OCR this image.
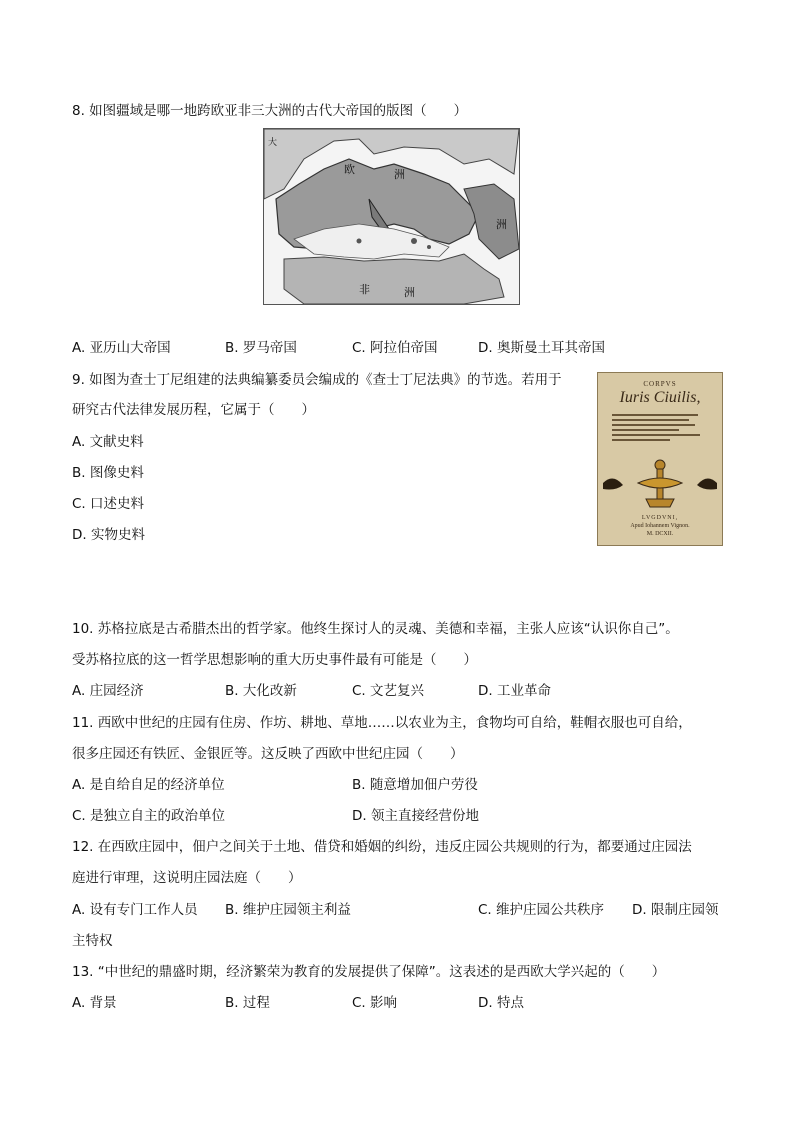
8. 如图疆域是哪一地跨欧亚非三大洲的古代大帝国的版图（　　）
大
欧	洲
洲
非	洲
A. 亚历山大帝国	B. 罗马帝国	C. 阿拉伯帝国	D. 奥斯曼土耳其帝国
9. 如图为查士丁尼组建的法典编纂委员会编成的《查士丁尼法典》的节选。若用于
研究古代法律发展历程，它属于（　　）
CORPVS
Iuris Ciuilis,
LVGDVNI,
Apud Iohannem Vignon.
M. DCXII.
A. 文献史料
B. 图像史料
C. 口述史料
D. 实物史料
10. 苏格拉底是古希腊杰出的哲学家。他终生探讨人的灵魂、美德和幸福，主张人应该“认识你自己”。
受苏格拉底的这一哲学思想影响的重大历史事件最有可能是（　　）
A. 庄园经济	B. 大化改新	C. 文艺复兴	D. 工业革命
11. 西欧中世纪的庄园有住房、作坊、耕地、草地……以农业为主，食物均可自给，鞋帽衣服也可自给，
很多庄园还有铁匠、金银匠等。这反映了西欧中世纪庄园（　　）
A. 是自给自足的经济单位	B. 随意增加佃户劳役
C. 是独立自主的政治单位	D. 领主直接经营份地
12. 在西欧庄园中，佃户之间关于土地、借贷和婚姻的纠纷，违反庄园公共规则的行为，都要通过庄园法
庭进行审理，这说明庄园法庭（　　）
A. 设有专门工作人员 B. 维护庄园领主利益	C. 维护庄园公共秩序 D. 限制庄园领
主特权
13. “中世纪的鼎盛时期，经济繁荣为教育的发展提供了保障”。这表述的是西欧大学兴起的（　　）
A. 背景	B. 过程	C. 影响	D. 特点
